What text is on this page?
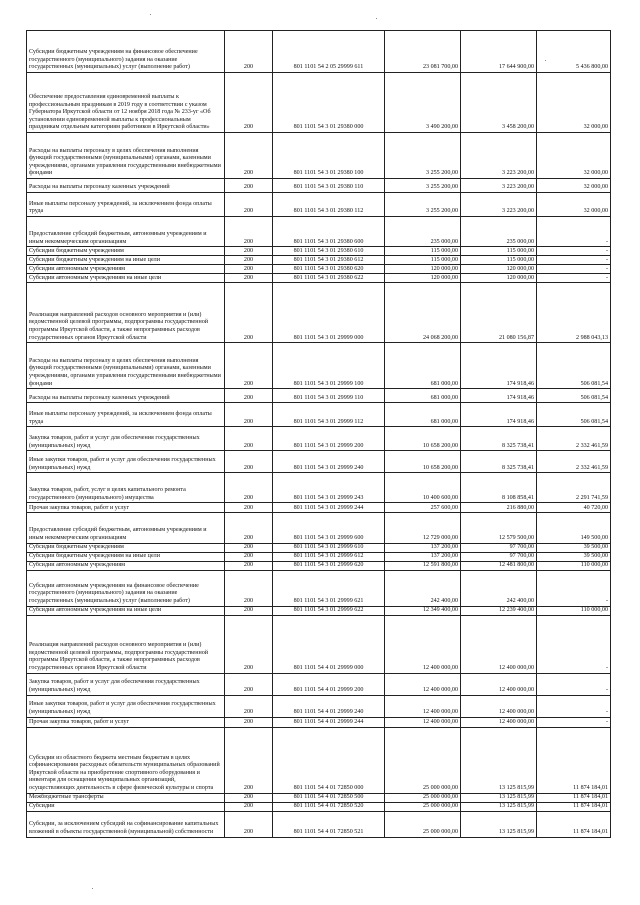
Субсидии бюджетным учреждениям на финансовое обеспечение государственного (муниципального) задания на оказание государственных (муниципальных) услуг (выполнение работ)	200	801 1101 54 2 05 29999 611	23 081 700,00	17 644 900,00	5 436 800,00
Обеспечение предоставления единовременной выплаты к профессиональным праздникам в 2019 году в соответствии с указом Губернатора Иркутской области от 12 ноября 2018 года № 233-уг «Об установлении единовременной выплаты к профессиональным праздникам отдельным категориям работников в Иркутской области»	200	801 1101 54 3 01 29380 000	3 490 200,00	3 458 200,00	32 000,00
Расходы на выплаты персоналу в целях обеспечения выполнения функций государственными (муниципальными) органами, казенными учреждениями, органами управления государственными внебюджетными фондами	200	801 1101 54 3 01 29380 100	3 255 200,00	3 223 200,00	32 000,00
Расходы на выплаты персоналу казенных учреждений	200	801 1101 54 3 01 29380 110	3 255 200,00	3 223 200,00	32 000,00
Иные выплаты персоналу учреждений, за исключением фонда оплаты труда	200	801 1101 54 3 01 29380 112	3 255 200,00	3 223 200,00	32 000,00
Предоставление субсидий бюджетным, автономным учреждениям и иным некоммерческим организациям	200	801 1101 54 3 01 29380 600	235 000,00	235 000,00	-
Субсидии бюджетным учреждениям	200	801 1101 54 3 01 29380 610	115 000,00	115 000,00	-
Субсидии бюджетным учреждениям на иные цели	200	801 1101 54 3 01 29380 612	115 000,00	115 000,00	-
Субсидии автономным учреждениям	200	801 1101 54 3 01 29380 620	120 000,00	120 000,00	-
Субсидии автономным учреждениям на иные цели	200	801 1101 54 3 01 29380 622	120 000,00	120 000,00	-
Реализация направлений расходов основного мероприятия и (или) ведомственной целевой программы, подпрограммы государственной программы Иркутской области, а также непрограммных расходов государственных органов Иркутской области	200	801 1101 54 3 01 29999 000	24 068 200,00	21 080 156,87	2 988 043,13
Расходы на выплаты персоналу в целях обеспечения выполнения функций государственными (муниципальными) органами, казенными учреждениями, органами управления государственными внебюджетными фондами	200	801 1101 54 3 01 29999 100	681 000,00	174 918,46	506 081,54
Расходы на выплаты персоналу казенных учреждений	200	801 1101 54 3 01 29999 110	681 000,00	174 918,46	506 081,54
Иные выплаты персоналу учреждений, за исключением фонда оплаты труда	200	801 1101 54 3 01 29999 112	681 000,00	174 918,46	506 081,54
Закупка товаров, работ и услуг для обеспечения государственных (муниципальных) нужд	200	801 1101 54 3 01 29999 200	10 658 200,00	8 325 738,41	2 332 461,59
Иные закупки товаров, работ и услуг для обеспечения государственных (муниципальных) нужд	200	801 1101 54 3 01 29999 240	10 658 200,00	8 325 738,41	2 332 461,59
Закупка товаров, работ, услуг в целях капитального ремонта государственного (муниципального) имущества	200	801 1101 54 3 01 29999 243	10 400 600,00	8 108 858,41	2 291 741,59
Прочая закупка товаров, работ и услуг	200	801 1101 54 3 01 29999 244	257 600,00	216 880,00	40 720,00
Предоставление субсидий бюджетным, автономным учреждениям и иным некоммерческим организациям	200	801 1101 54 3 01 29999 600	12 729 000,00	12 579 500,00	149 500,00
Субсидии бюджетным учреждениям	200	801 1101 54 3 01 29999 610	137 200,00	97 700,00	39 500,00
Субсидии бюджетным учреждениям на иные цели	200	801 1101 54 3 01 29999 612	137 200,00	97 700,00	39 500,00
Субсидии автономным учреждениям	200	801 1101 54 3 01 29999 620	12 591 800,00	12 481 800,00	110 000,00
Субсидии автономным учреждениям на финансовое обеспечение государственного (муниципального) задания на оказание государственных (муниципальных) услуг (выполнение работ)	200	801 1101 54 3 01 29999 621	242 400,00	242 400,00	-
Субсидии автономным учреждениям на иные цели	200	801 1101 54 3 01 29999 622	12 349 400,00	12 239 400,00	110 000,00
Реализация направлений расходов основного мероприятия и (или) ведомственной целевой программы, подпрограммы государственной программы Иркутской области, а также непрограммных расходов государственных органов Иркутской области	200	801 1101 54 4 01 29999 000	12 400 000,00	12 400 000,00	-
Закупка товаров, работ и услуг для обеспечения государственных (муниципальных) нужд	200	801 1101 54 4 01 29999 200	12 400 000,00	12 400 000,00	-
Иные закупки товаров, работ и услуг для обеспечения государственных (муниципальных) нужд	200	801 1101 54 4 01 29999 240	12 400 000,00	12 400 000,00	-
Прочая закупка товаров, работ и услуг	200	801 1101 54 4 01 29999 244	12 400 000,00	12 400 000,00	-
Субсидии из областного бюджета местным бюджетам в целях софинансирования расходных обязательств муниципальных образований Иркутской области на приобретение спортивного оборудования и инвентаря для оснащения муниципальных организаций, осуществляющих деятельность в сфере физической культуры и спорта	200	801 1101 54 4 01 72850 000	25 000 000,00	13 125 815,99	11 874 184,01
Межбюджетные трансферты	200	801 1101 54 4 01 72850 500	25 000 000,00	13 125 815,99	11 874 184,01
Субсидии	200	801 1101 54 4 01 72850 520	25 000 000,00	13 125 815,99	11 874 184,01
Субсидии, за исключением субсидий на софинансирование капитальных вложений в объекты государственной (муниципальной) собственности	200	801 1101 54 4 01 72850 521	25 000 000,00	13 125 815,99	11 874 184,01
